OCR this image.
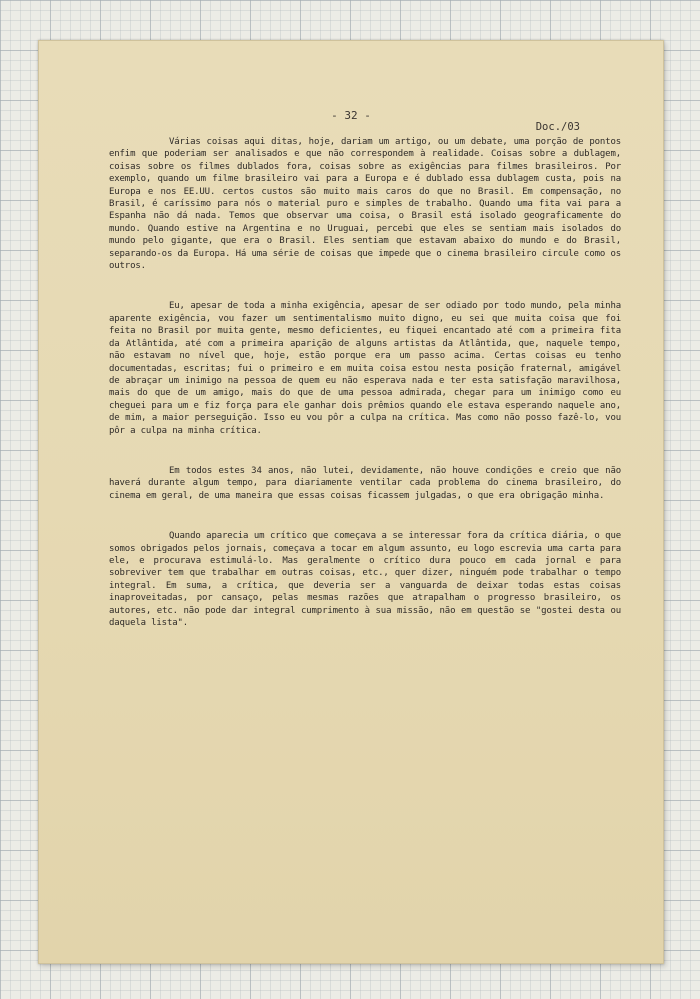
- 32 -

Doc./03

Várias coisas aqui ditas, hoje, dariam um artigo, ou um debate, uma porção de pontos enfim que poderiam ser analisados e que não correspondem à realidade. Coisas sobre a dublagem, coisas sobre os filmes dublados fora, coisas sobre as exigências para filmes brasileiros. Por exemplo, quando um filme brasileiro vai para a Europa e é dublado essa dublagem custa, pois na Europa e nos EE.UU. certos custos são muito mais caros do que no Brasil. Em compensação, no Brasil, é caríssimo para nós o material puro e simples de trabalho. Quando uma fita vai para a Espanha não dá nada. Temos que observar uma coisa, o Brasil está isolado geograficamente do mundo. Quando estive na Argentina e no Uruguai, percebi que eles se sentiam mais isolados do mundo pelo gigante, que era o Brasil. Eles sentiam que estavam abaixo do mundo e do Brasil, separando-os da Europa. Há uma série de coisas que impede que o cinema brasileiro circule como os outros.

Eu, apesar de toda a minha exigência, apesar de ser odiado por todo mundo, pela minha aparente exigência, vou fazer um sentimentalismo muito digno, eu sei que muita coisa que foi feita no Brasil por muita gente, mesmo deficientes, eu fiquei encantado até com a primeira fita da Atlântida, até com a primeira aparição de alguns artistas da Atlântida, que, naquele tempo, não estavam no nível que, hoje, estão porque era um passo acima. Certas coisas eu tenho documentadas, escritas; fui o primeiro e em muita coisa estou nesta posição fraternal, amigável de abraçar um inimigo na pessoa de quem eu não esperava nada e ter esta satisfação maravilhosa, mais do que de um amigo, mais do que de uma pessoa admirada, chegar para um inimigo como eu cheguei para um e fiz força para ele ganhar dois prêmios quando ele estava esperando naquele ano, de mim, a maior perseguição. Isso eu vou pôr a culpa na crítica. Mas como não posso fazê-lo, vou pôr a culpa na minha crítica.

Em todos estes 34 anos, não lutei, devidamente, não houve condições e creio que não haverá durante algum tempo, para diariamente ventilar cada problema do cinema brasileiro, do cinema em geral, de uma maneira que essas coisas ficassem julgadas, o que era obrigação minha.

Quando aparecia um crítico que começava a se interessar fora da crítica diária, o que somos obrigados pelos jornais, começava a tocar em algum assunto, eu logo escrevia uma carta para ele, e procurava estimulá-lo. Mas geralmente o crítico dura pouco em cada jornal e para sobreviver tem que trabalhar em outras coisas, etc., quer dizer, ninguém pode trabalhar o tempo integral. Em suma, a crítica, que deveria ser a vanguarda de deixar todas estas coisas inaproveitadas, por cansaço, pelas mesmas razões que atrapalham o progresso brasileiro, os autores, etc. não pode dar integral cumprimento à sua missão, não em questão se "gostei desta ou daquela lista".
